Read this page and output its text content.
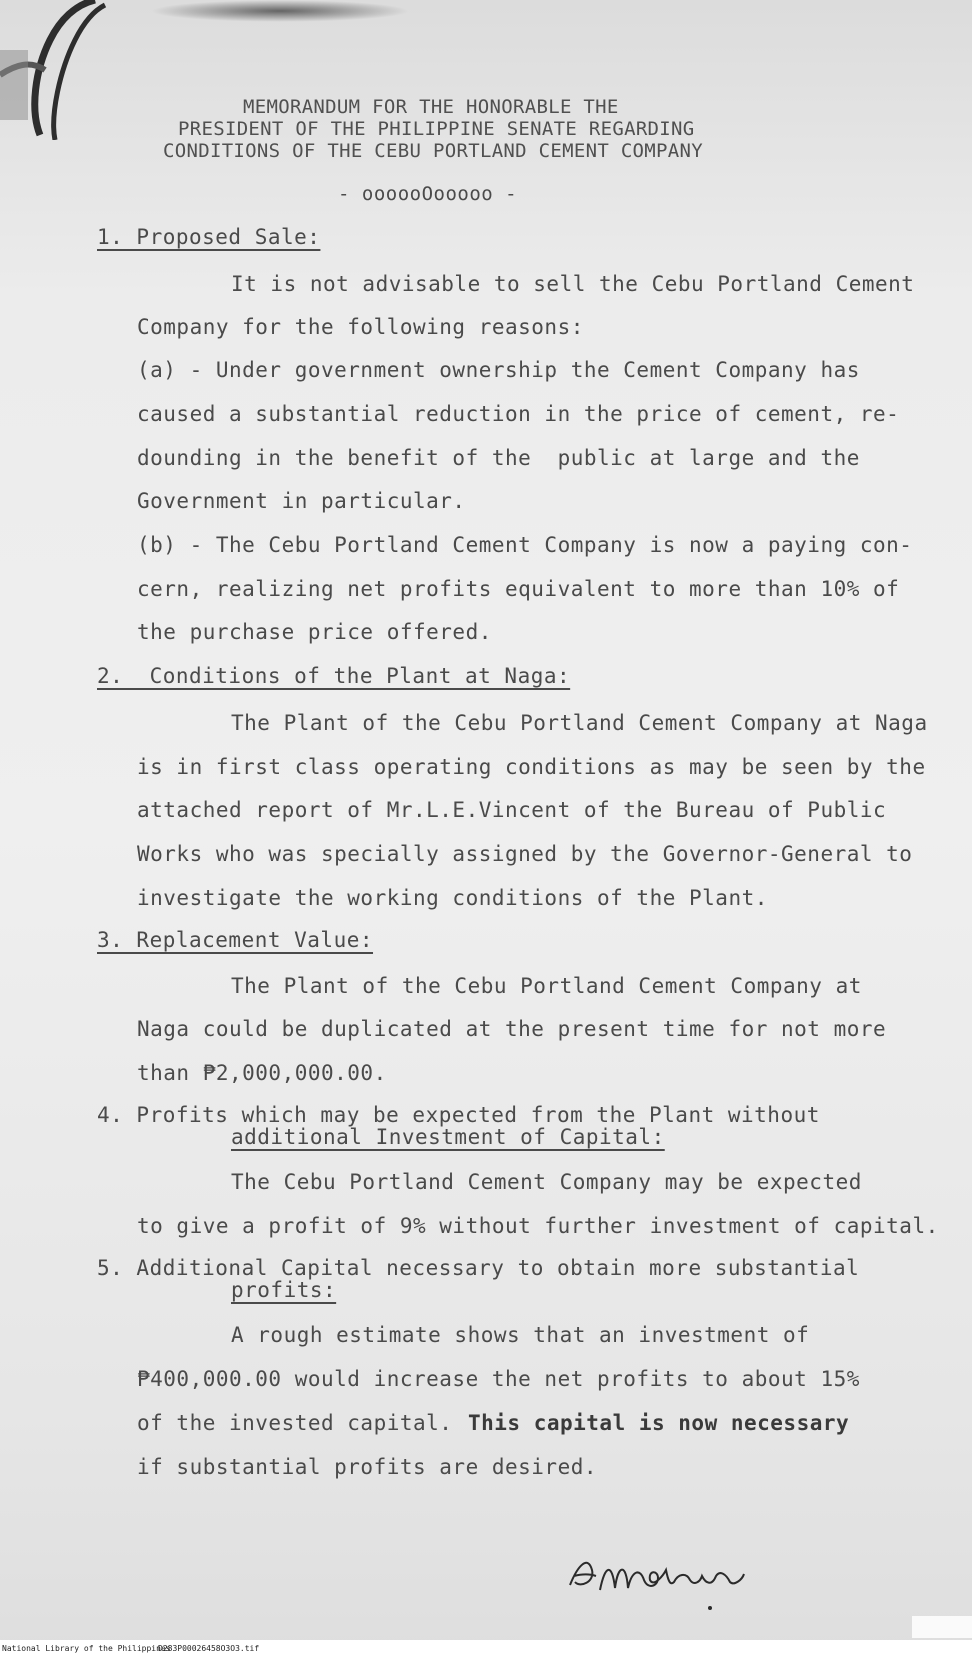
MEMORANDUM FOR THE HONORABLE THE
PRESIDENT OF THE PHILIPPINE SENATE REGARDING
CONDITIONS OF THE CEBU PORTLAND CEMENT COMPANY
- oooooOooooo -
1. Proposed Sale:
It is not advisable to sell the Cebu Portland Cement
Company for the following reasons:
(a) - Under government ownership the Cement Company has
caused a substantial reduction in the price of cement, re-
dounding in the benefit of the  public at large and the
Government in particular.
(b) - The Cebu Portland Cement Company is now a paying con-
cern, realizing net profits equivalent to more than 10% of
the purchase price offered.
2.  Conditions of the Plant at Naga:
The Plant of the Cebu Portland Cement Company at Naga
is in first class operating conditions as may be seen by the
attached report of Mr.L.E.Vincent of the Bureau of Public
Works who was specially assigned by the Governor-General to
investigate the working conditions of the Plant.
3. Replacement Value:
The Plant of the Cebu Portland Cement Company at
Naga could be duplicated at the present time for not more
than ₱2,000,000.00.
4. Profits which may be expected from the Plant without
additional Investment of Capital:
The Cebu Portland Cement Company may be expected
to give a profit of 9% without further investment of capital.
5. Additional Capital necessary to obtain more substantial
profits:
A rough estimate shows that an investment of
₱400,000.00 would increase the net profits to about 15%
of the invested capital. This capital is now necessary
if substantial profits are desired.
National Library of the Philippines
D283P00026458O3O3.tif
